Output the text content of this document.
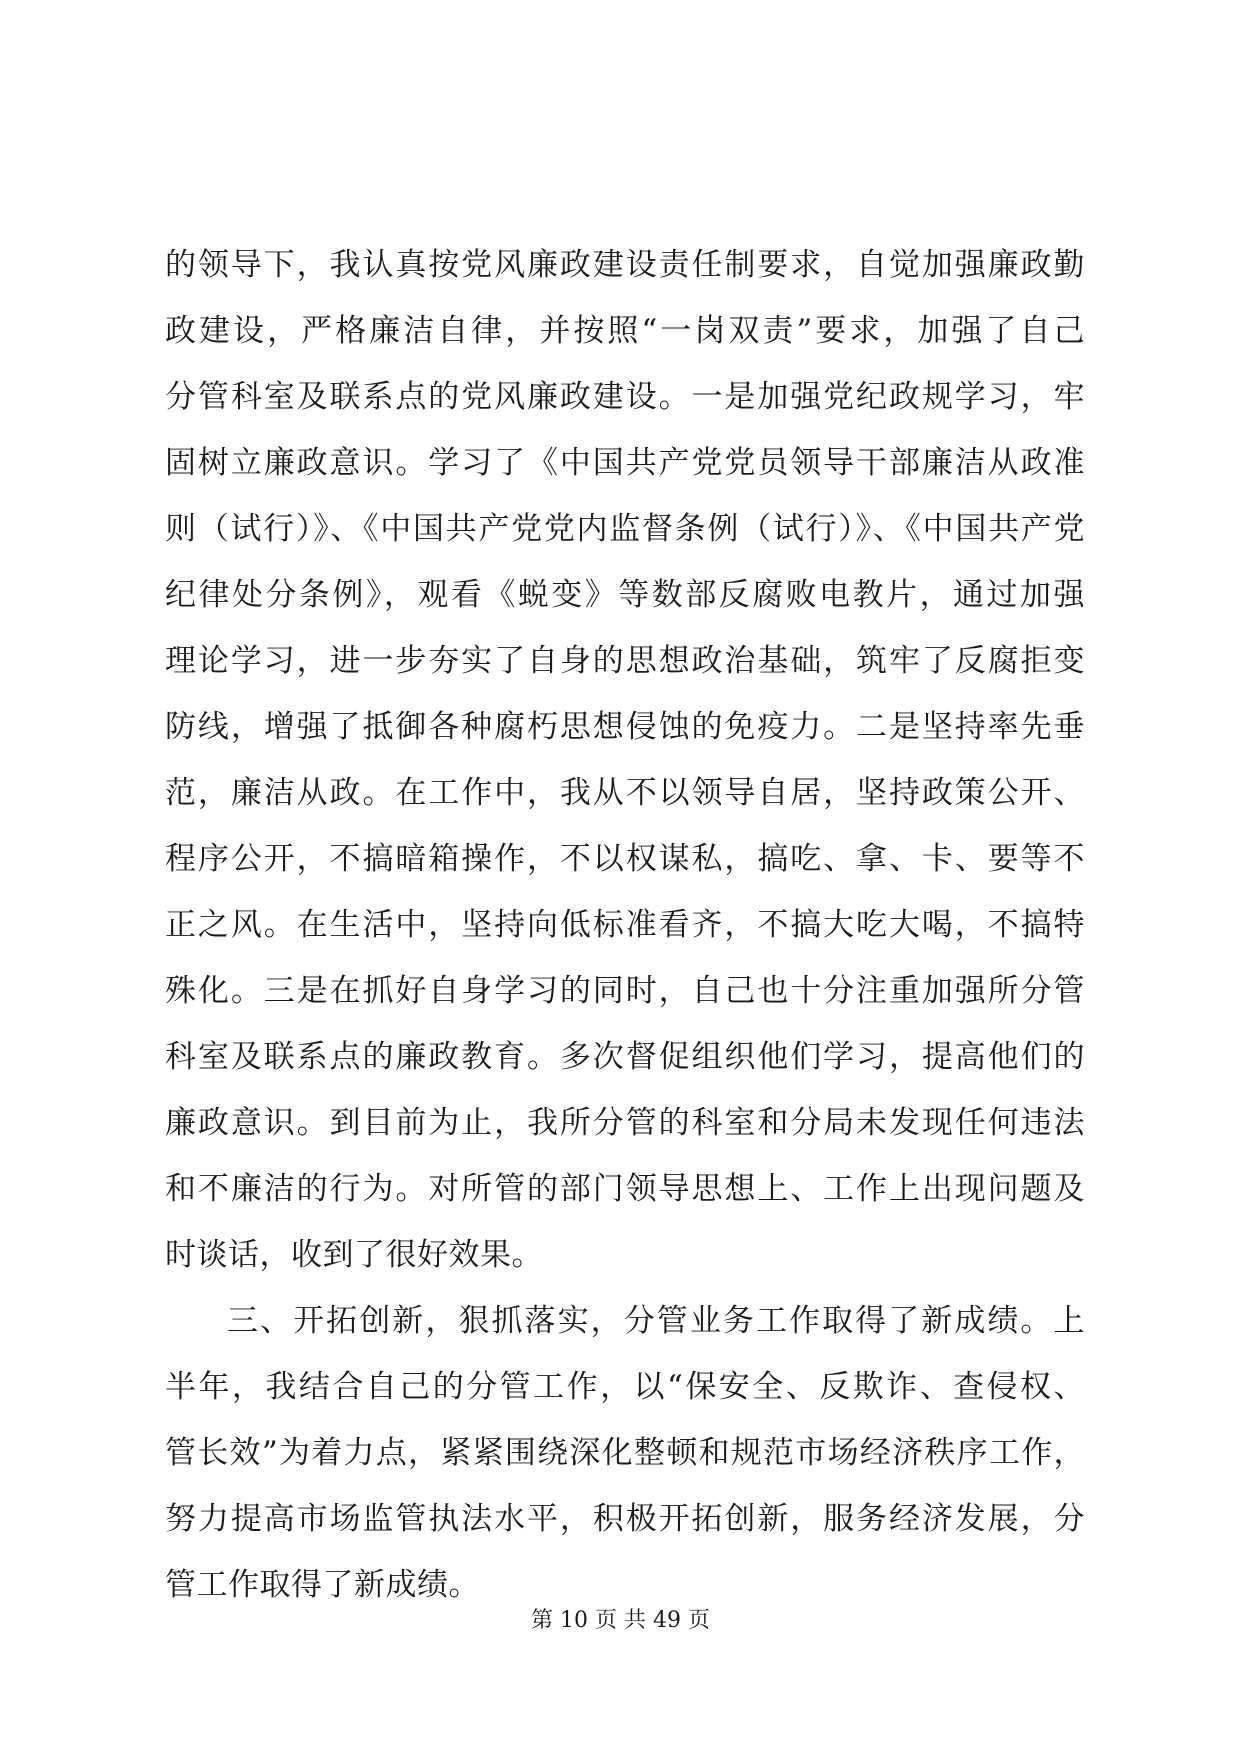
的领导下，我认真按党风廉政建设责任制要求，自觉加强廉政勤
政建设，严格廉洁自律，并按照“一岗双责”要求，加强了自己
分管科室及联系点的党风廉政建设。一是加强党纪政规学习，牢
固树立廉政意识。学习了《中国共产党党员领导干部廉洁从政准
则（试行）》、《中国共产党党内监督条例（试行）》、《中国共产党
纪律处分条例》，观看《蜕变》等数部反腐败电教片，通过加强
理论学习，进一步夯实了自身的思想政治基础，筑牢了反腐拒变
防线，增强了抵御各种腐朽思想侵蚀的免疫力。二是坚持率先垂
范，廉洁从政。在工作中，我从不以领导自居，坚持政策公开、
程序公开，不搞暗箱操作，不以权谋私，搞吃、拿、卡、要等不
正之风。在生活中，坚持向低标准看齐，不搞大吃大喝，不搞特
殊化。三是在抓好自身学习的同时，自己也十分注重加强所分管
科室及联系点的廉政教育。多次督促组织他们学习，提高他们的
廉政意识。到目前为止，我所分管的科室和分局未发现任何违法
和不廉洁的行为。对所管的部门领导思想上、工作上出现问题及
时谈话，收到了很好效果。
三、开拓创新，狠抓落实，分管业务工作取得了新成绩。上
半年，我结合自己的分管工作，以“保安全、反欺诈、查侵权、
管长效”为着力点，紧紧围绕深化整顿和规范市场经济秩序工作，
努力提高市场监管执法水平，积极开拓创新，服务经济发展，分
管工作取得了新成绩。
第 10 页 共 49 页
